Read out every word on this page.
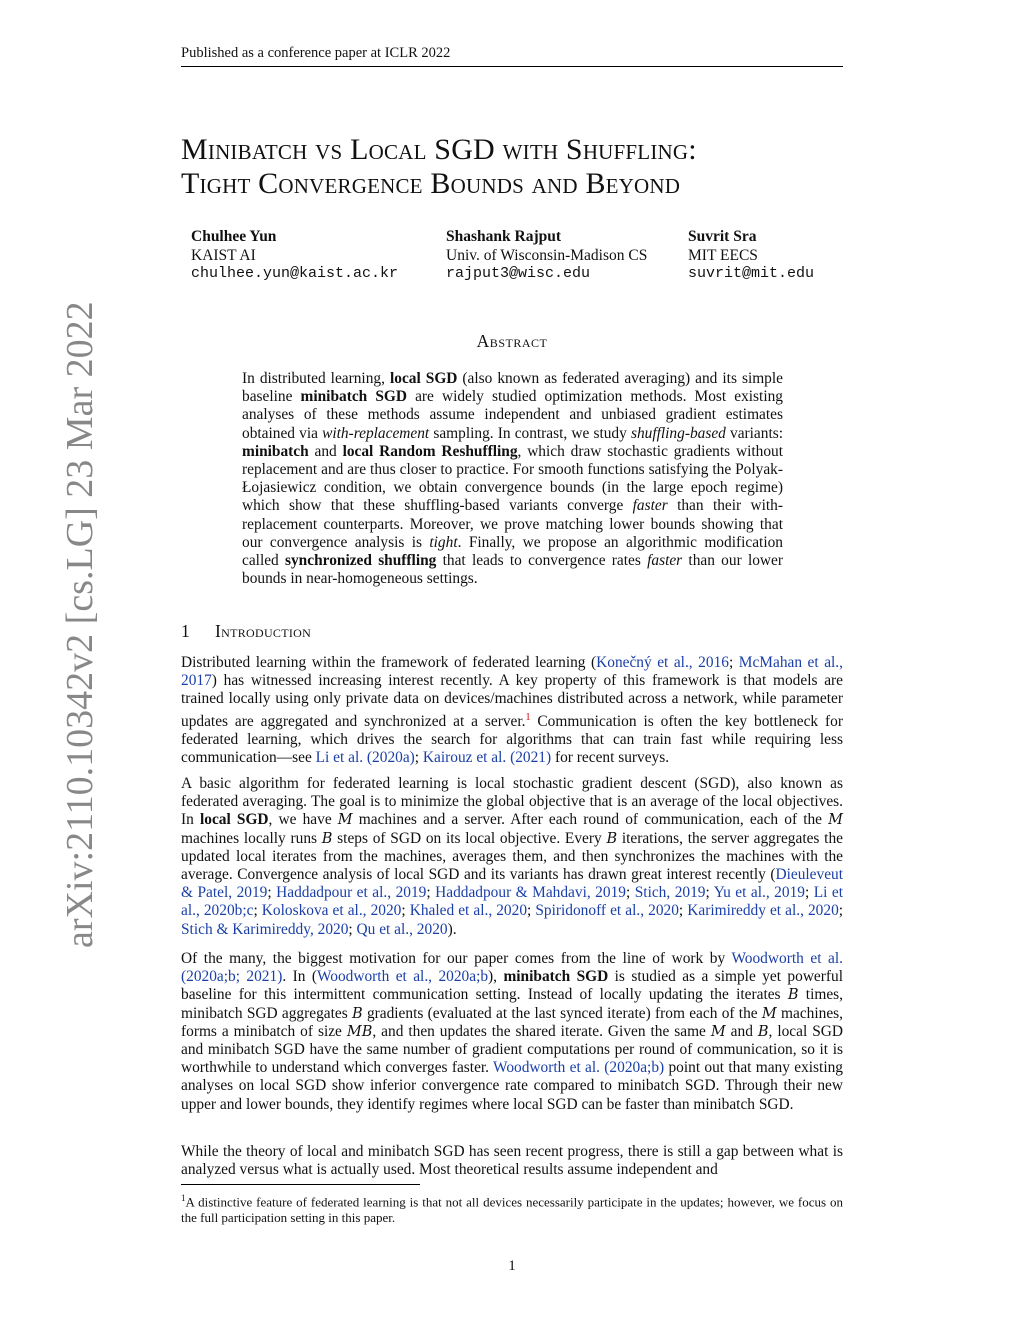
Published as a conference paper at ICLR 2022
arXiv:2110.10342v2 [cs.LG] 23 Mar 2022
Minibatch vs Local SGD with Shuffling:
Tight Convergence Bounds and Beyond
Chulhee Yun
KAIST AI
chulhee.yun@kaist.ac.kr
Shashank Rajput
Univ. of Wisconsin-Madison CS
rajput3@wisc.edu
Suvrit Sra
MIT EECS
suvrit@mit.edu
Abstract
In distributed learning, local SGD (also known as federated averaging) and its simple baseline minibatch SGD are widely studied optimization methods. Most existing analyses of these methods assume independent and unbiased gradient estimates obtained via with-replacement sampling. In contrast, we study shuffling-based variants: minibatch and local Random Reshuffling, which draw stochastic gradients without replacement and are thus closer to practice. For smooth functions satisfying the Polyak-Łojasiewicz condition, we obtain convergence bounds (in the large epoch regime) which show that these shuffling-based variants converge faster than their with-replacement counterparts. Moreover, we prove matching lower bounds showing that our convergence analysis is tight. Finally, we propose an algorithmic modification called synchronized shuffling that leads to convergence rates faster than our lower bounds in near-homogeneous settings.
1 Introduction
Distributed learning within the framework of federated learning (Konečný et al., 2016; McMahan et al., 2017) has witnessed increasing interest recently. A key property of this framework is that models are trained locally using only private data on devices/machines distributed across a network, while parameter updates are aggregated and synchronized at a server.$^1$ Communication is often the key bottleneck for federated learning, which drives the search for algorithms that can train fast while requiring less communication—see Li et al. (2020a); Kairouz et al. (2021) for recent surveys.
A basic algorithm for federated learning is local stochastic gradient descent (SGD), also known as federated averaging. The goal is to minimize the global objective that is an average of the local objectives. In local SGD, we have M machines and a server. After each round of communication, each of the M machines locally runs B steps of SGD on its local objective. Every B iterations, the server aggregates the updated local iterates from the machines, averages them, and then synchronizes the machines with the average. Convergence analysis of local SGD and its variants has drawn great interest recently (Dieuleveut & Patel, 2019; Haddadpour et al., 2019; Haddadpour & Mahdavi, 2019; Stich, 2019; Yu et al., 2019; Li et al., 2020b;c; Koloskova et al., 2020; Khaled et al., 2020; Spiridonoff et al., 2020; Karimireddy et al., 2020; Stich & Karimireddy, 2020; Qu et al., 2020).
Of the many, the biggest motivation for our paper comes from the line of work by Woodworth et al. (2020a;b; 2021). In (Woodworth et al., 2020a;b), minibatch SGD is studied as a simple yet powerful baseline for this intermittent communication setting. Instead of locally updating the iterates B times, minibatch SGD aggregates B gradients (evaluated at the last synced iterate) from each of the M machines, forms a minibatch of size MB, and then updates the shared iterate. Given the same M and B, local SGD and minibatch SGD have the same number of gradient computations per round of communication, so it is worthwhile to understand which converges faster. Woodworth et al. (2020a;b) point out that many existing analyses on local SGD show inferior convergence rate compared to minibatch SGD. Through their new upper and lower bounds, they identify regimes where local SGD can be faster than minibatch SGD.
While the theory of local and minibatch SGD has seen recent progress, there is still a gap between what is analyzed versus what is actually used. Most theoretical results assume independent and
$^1$A distinctive feature of federated learning is that not all devices necessarily participate in the updates; however, we focus on the full participation setting in this paper.
1
